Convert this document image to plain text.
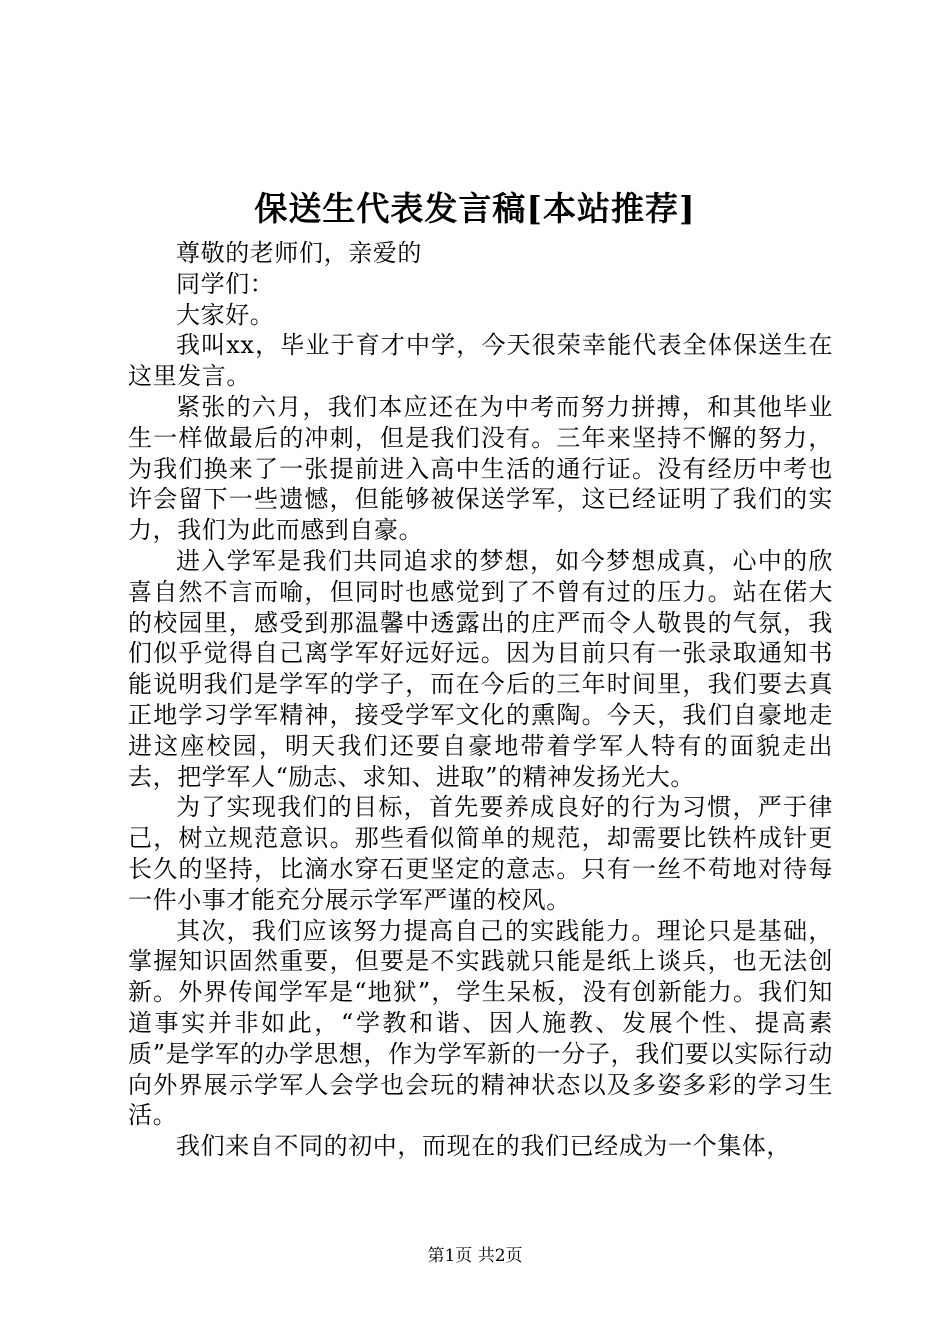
保送生代表发言稿[本站推荐]

尊敬的老师们，亲爱的

同学们：

大家好。

我叫xx，毕业于育才中学，今天很荣幸能代表全体保送生在这里发言。

紧张的六月，我们本应还在为中考而努力拼搏，和其他毕业生一样做最后的冲刺，但是我们没有。三年来坚持不懈的努力，为我们换来了一张提前进入高中生活的通行证。没有经历中考也许会留下一些遗憾，但能够被保送学军，这已经证明了我们的实力，我们为此而感到自豪。

进入学军是我们共同追求的梦想，如今梦想成真，心中的欣喜自然不言而喻，但同时也感觉到了不曾有过的压力。站在偌大的校园里，感受到那温馨中透露出的庄严而令人敬畏的气氛，我们似乎觉得自己离学军好远好远。因为目前只有一张录取通知书能说明我们是学军的学子，而在今后的三年时间里，我们要去真正地学习学军精神，接受学军文化的熏陶。今天，我们自豪地走进这座校园，明天我们还要自豪地带着学军人特有的面貌走出去，把学军人“励志、求知、进取”的精神发扬光大。

为了实现我们的目标，首先要养成良好的行为习惯，严于律己，树立规范意识。那些看似简单的规范，却需要比铁杵成针更长久的坚持，比滴水穿石更坚定的意志。只有一丝不苟地对待每一件小事才能充分展示学军严谨的校风。

其次，我们应该努力提高自己的实践能力。理论只是基础，掌握知识固然重要，但要是不实践就只能是纸上谈兵，也无法创新。外界传闻学军是“地狱”，学生呆板，没有创新能力。我们知道事实并非如此，“学教和谐、因人施教、发展个性、提高素质”是学军的办学思想，作为学军新的一分子，我们要以实际行动向外界展示学军人会学也会玩的精神状态以及多姿多彩的学习生活。

我们来自不同的初中，而现在的我们已经成为一个集体，

第1页 共2页
